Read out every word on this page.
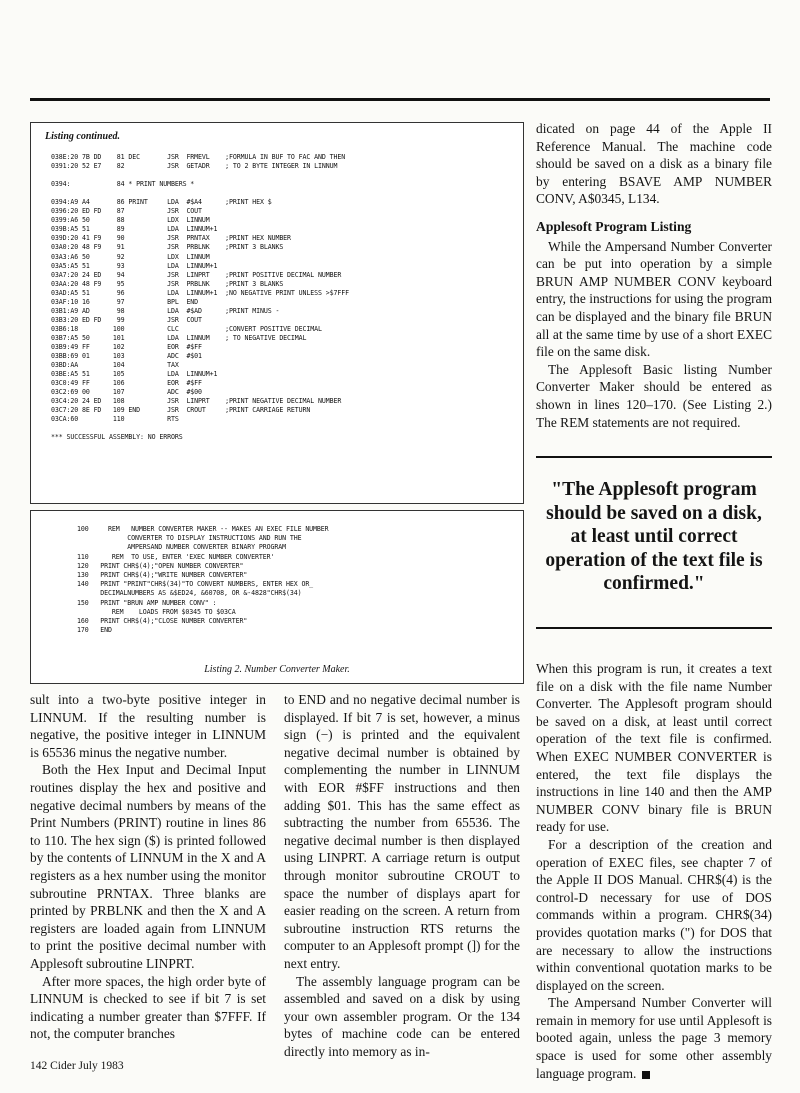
Listing continued.
038E:20 7B DD    81 DEC       JSR  FRMEVL    ;FORMULA IN BUF TO FAC AND THEN
0391:20 52 E7    82           JSR  GETADR    ; TO 2 BYTE INTEGER IN LINNUM
0394:            84 * PRINT NUMBERS *
0394:A9 A4       86 PRINT     LDA  #$A4      ;PRINT HEX $
0396:20 ED FD    87           JSR  COUT
0399:A6 50       88           LDX  LINNUM
039B:A5 51       89           LDA  LINNUM+1
039D:20 41 F9    90           JSR  PRNTAX    ;PRINT HEX NUMBER
03A0:20 48 F9    91           JSR  PRBLNK    ;PRINT 3 BLANKS
03A3:A6 50       92           LDX  LINNUM
03A5:A5 51       93           LDA  LINNUM+1
03A7:20 24 ED    94           JSR  LINPRT    ;PRINT POSITIVE DECIMAL NUMBER
03AA:20 48 F9    95           JSR  PRBLNK    ;PRINT 3 BLANKS
03AD:A5 51       96           LDA  LINNUM+1  ;NO NEGATIVE PRINT UNLESS >$7FFF
03AF:10 16       97           BPL  END
03B1:A9 AD       98           LDA  #$AD      ;PRINT MINUS -
03B3:20 ED FD    99           JSR  COUT
03B6:18         100           CLC            ;CONVERT POSITIVE DECIMAL
03B7:A5 50      101           LDA  LINNUM    ; TO NEGATIVE DECIMAL
03B9:49 FF      102           EOR  #$FF
03BB:69 01      103           ADC  #$01
03BD:AA         104           TAX
03BE:A5 51      105           LDA  LINNUM+1
03C0:49 FF      106           EOR  #$FF
03C2:69 00      107           ADC  #$00
03C4:20 24 ED   108           JSR  LINPRT    ;PRINT NEGATIVE DECIMAL NUMBER
03C7:20 8E FD   109 END       JSR  CROUT     ;PRINT CARRIAGE RETURN
03CA:60         110           RTS
*** SUCCESSFUL ASSEMBLY: NO ERRORS
100     REM   NUMBER CONVERTER MAKER -- MAKES AN EXEC FILE NUMBER
CONVERTER TO DISPLAY INSTRUCTIONS AND RUN THE
AMPERSAND NUMBER CONVERTER BINARY PROGRAM
110      REM  TO USE, ENTER 'EXEC NUMBER CONVERTER'
120   PRINT CHR$(4);"OPEN NUMBER CONVERTER"
130   PRINT CHR$(4);"WRITE NUMBER CONVERTER"
140   PRINT "PRINT"CHR$(34)"TO CONVERT NUMBERS, ENTER HEX OR_
DECIMALNUMBERS AS &$ED24, &60708, OR &-4828"CHR$(34)
150   PRINT "BRUN AMP NUMBER CONV" :
REM    LOADS FROM $0345 TO $03CA
160   PRINT CHR$(4);"CLOSE NUMBER CONVERTER"
170   END
Listing 2. Number Converter Maker.

sult into a two-byte positive integer in LINNUM. If the resulting number is negative, the positive integer in LINNUM is 65536 minus the negative number.

Both the Hex Input and Decimal Input routines display the hex and positive and negative decimal numbers by means of the Print Numbers (PRINT) routine in lines 86 to 110. The hex sign ($) is printed followed by the contents of LINNUM in the X and A registers as a hex number using the monitor subroutine PRNTAX. Three blanks are printed by PRBLNK and then the X and A registers are loaded again from LINNUM to print the positive decimal number with Applesoft subroutine LINPRT.

After more spaces, the high order byte of LINNUM is checked to see if bit 7 is set indicating a number greater than $7FFF. If not, the computer branches

to END and no negative decimal number is displayed. If bit 7 is set, however, a minus sign (−) is printed and the equivalent negative decimal number is obtained by complementing the number in LINNUM with EOR #$FF instructions and then adding $01. This has the same effect as subtracting the number from 65536. The negative decimal number is then displayed using LINPRT. A carriage return is output through monitor subroutine CROUT to space the number of displays apart for easier reading on the screen. A return from subroutine instruction RTS returns the computer to an Applesoft prompt (]) for the next entry.

The assembly language program can be assembled and saved on a disk by using your own assembler program. Or the 134 bytes of machine code can be entered directly into memory as in-

dicated on page 44 of the Apple II Reference Manual. The machine code should be saved on a disk as a binary file by entering BSAVE AMP NUMBER CONV, A$0345, L134.

Applesoft Program Listing

While the Ampersand Number Converter can be put into operation by a simple BRUN AMP NUMBER CONV keyboard entry, the instructions for using the program can be displayed and the binary file BRUN all at the same time by use of a short EXEC file on the same disk.

The Applesoft Basic listing Number Converter Maker should be entered as shown in lines 120–170. (See Listing 2.) The REM statements are not required.

"The Applesoft program should be saved on a disk, at least until correct operation of the text file is confirmed."

When this program is run, it creates a text file on a disk with the file name Number Converter. The Applesoft program should be saved on a disk, at least until correct operation of the text file is confirmed. When EXEC NUMBER CONVERTER is entered, the text file displays the instructions in line 140 and then the AMP NUMBER CONV binary file is BRUN ready for use.

For a description of the creation and operation of EXEC files, see chapter 7 of the Apple II DOS Manual. CHR$(4) is the control-D necessary for use of DOS commands within a program. CHR$(34) provides quotation marks (") for DOS that are necessary to allow the instructions within conventional quotation marks to be displayed on the screen.

The Ampersand Number Converter will remain in memory for use until Applesoft is booted again, unless the page 3 memory space is used for some other assembly language program.

142 Cider July 1983
